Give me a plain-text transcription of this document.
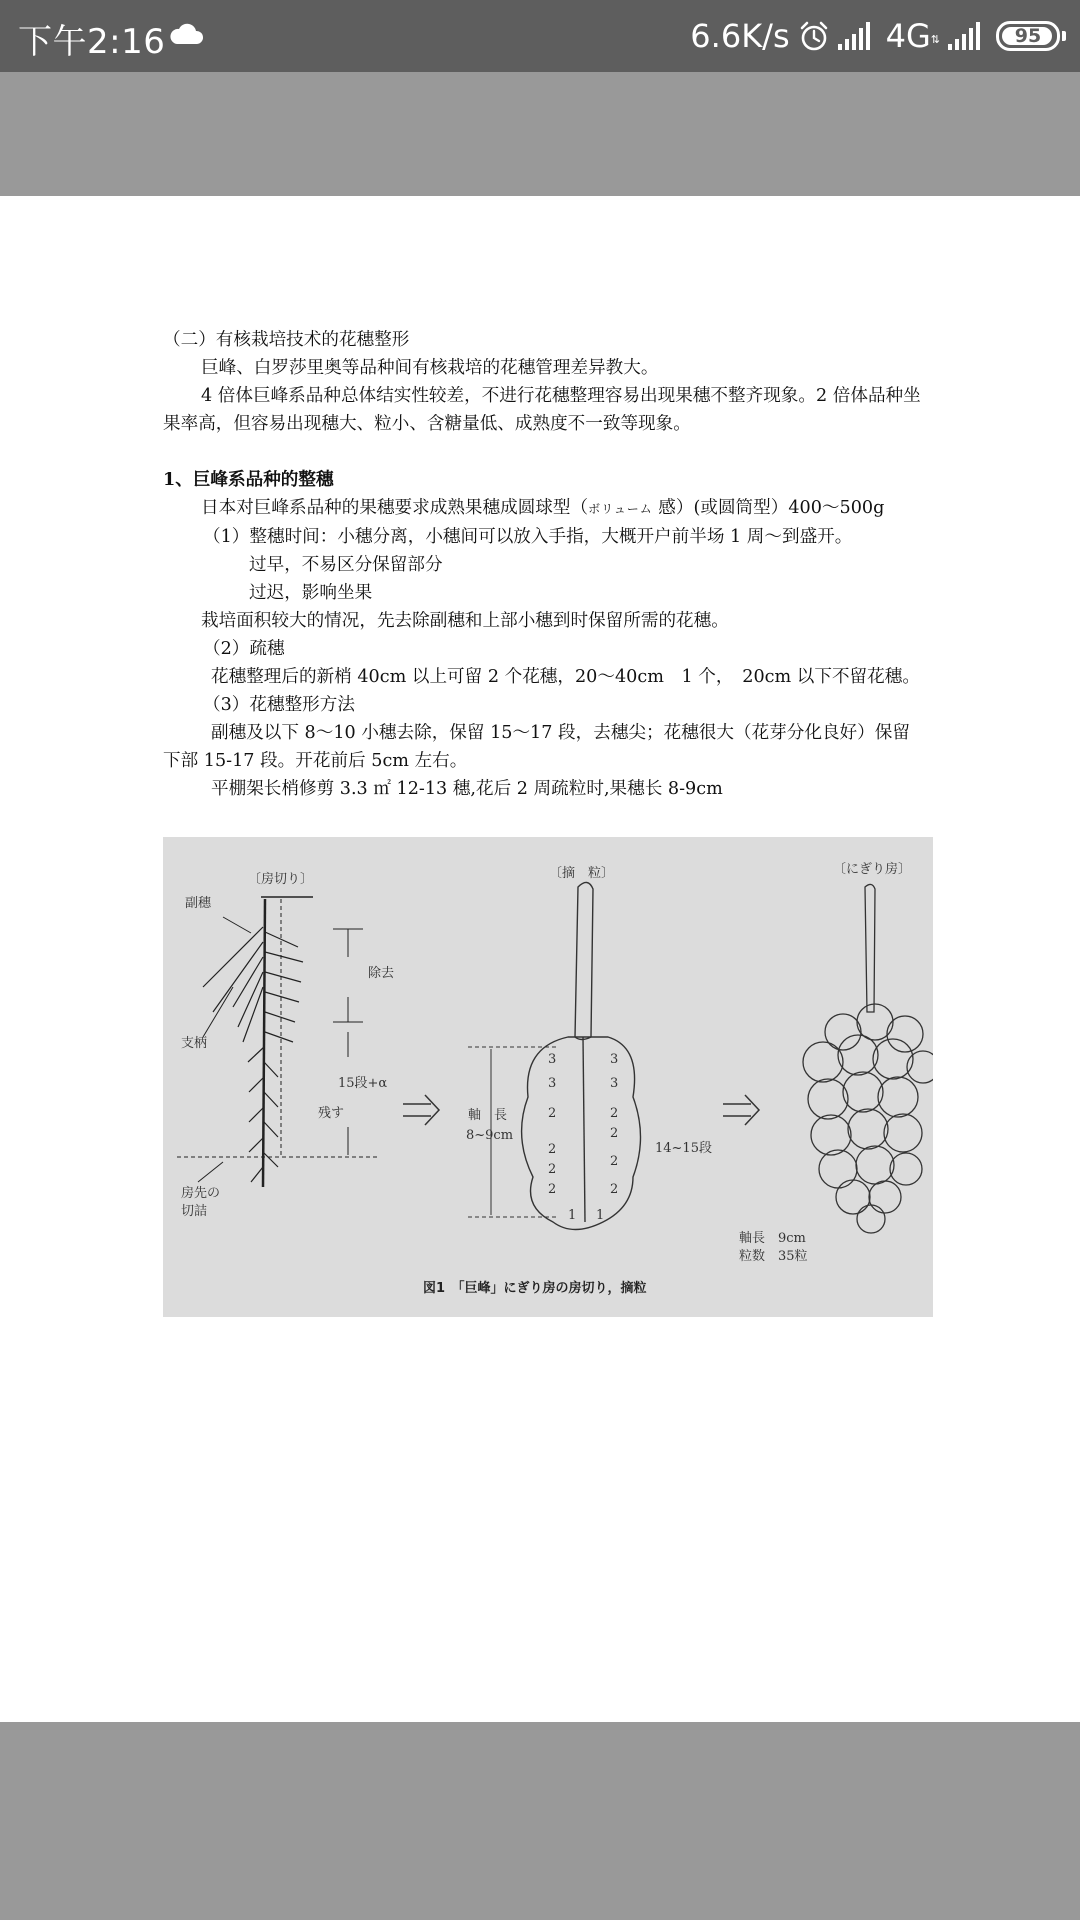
下午2:16	6.6K/s	4G ⇅	95

（二）有核栽培技术的花穗整形

巨峰、白罗莎里奥等品种间有核栽培的花穗管理差异教大。

4 倍体巨峰系品种总体结实性较差，不进行花穗整理容易出现果穗不整齐现象。2 倍体品种坐果率高，但容易出现穗大、粒小、含糖量低、成熟度不一致等现象。

1、巨峰系品种的整穗

日本对巨峰系品种的果穗要求成熟果穗成圆球型（ボリューム 感）(或圆筒型）400～500g

（1）整穗时间：小穗分离，小穗间可以放入手指，大概开户前半场 1 周～到盛开。

过早，不易区分保留部分

过迟，影响坐果

栽培面积较大的情况，先去除副穗和上部小穗到时保留所需的花穗。

（2）疏穗

花穗整理后的新梢 40cm 以上可留 2 个花穗，20～40cm　1 个，　20cm 以下不留花穗。

（3）花穗整形方法

副穗及以下 8～10 小穗去除，保留 15～17 段，去穗尖；花穗很大（花芽分化良好）保留下部 15-17 段。开花前后 5cm 左右。

平棚架长梢修剪 3.3 ㎡ 12-13 穗,花后 2 周疏粒时,果穗长 8-9cm

〔房切り〕
副穗
支柄
除去
15段+α
残す
房先の
切詰
〔摘　粒〕
軸　長
8~9cm
14~15段
3
3
2
2
2
2
1
3
3
2
2
2
2
1
〔にぎり房〕
軸長　9cm
粒数　35粒
図1　「巨峰」にぎり房の房切り，摘粒
